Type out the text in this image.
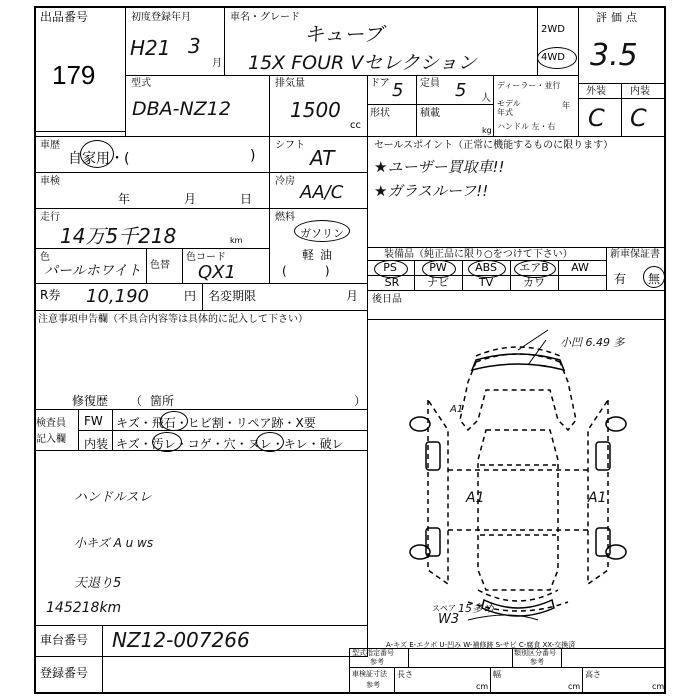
出品番号
179
初度登録年月
H21 3
月
車名・グレード
キューブ
15X FOUR Vセレクション
2WD
4WD
評価点
3.5
型式
DBA-NZ12
排気量
1500
cc
ドア 5 定員 5 人
形状	積載
kg
ディーラー・並行
モデル年式
年
ハンドル 左・右
外装 内装
C C
車歴
自家用・(	)
車検
年	月	日
走行
14万5千218	km
色
パールホワイト 色替
色コード
QX1
シフト
AT
冷房
AA/C
燃料
ガソリン
軽油
(          )
セールスポイント（正常に機能するものに限ります）
★ユーザー買取車!!
★ガラスルーフ!!
装備品（純正品に限り○をつけて下さい）
PS	PW	ABS	エアB	AW
SR	ナビ	TV	カワ
新車保証書
有 無
後日品
R券 10,190	円 名変期限	月
注意事項申告欄（不具合内容等は具体的に記入して下さい）
修復歴 （ 箇所	）
検査員
記入欄
FW キズ・飛石・ヒビ割・リペア跡・X要
内装 キズ・汚レ・コゲ・穴・ヌレ・キレ・破レ
ハンドルスレ
小キズ A u ws
天退り5
145218km
小凹 6.49 多
A1	A1
A1
スペア
W3
15多め
A-キズ E-エクボ U-凹み W-補修跡 S-サビ C-腐食 XX-交換済
車台番号 NZ12-007266
登録番号
型式指定番号
参考
類別区分番号
参考
車検証寸法
参考
長さ
cm
幅
cm
高さ
cm
